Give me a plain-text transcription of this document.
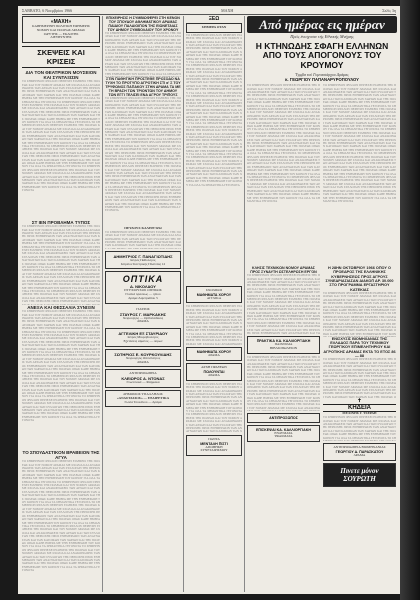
ΣΑΒΒΑΤΟ, 6 Νοεμβρίου 1966	ΜΑΧΗ	Σελίς 3η
«ΜΑΧΗ»
ΚΑΘΗΜΕΡΙΝΗ ΠΟΛΙΤΙΚΗ ΕΦΗΜΕΡΙΣ
ΝΟΜΟΥ ΚΑΙ ΠΟΛΕΩΣ ΔΡΑΜΑΣ
ΙΔΡΥΤΗΣ — ΕΚΔΟΤΗΣ
ΔΙΕΥΘΥΝΤΗΣ
ΣΚΕΨΕΙΣ ΚΑΙ ΚΡΙΣΕΙΣ
ΔΙΑ ΤΟΝ ΘΕΑΤΡΙΚΟΝ ΜΟΥΣΕΙΟΝ ΚΑΙ ΣΥΝΤΑΞΙΣΙΝ
ΤΟ ΣΗΜΕΡΙΝΟΝ ΦΥΛΛΟΝ ΠΕΡΙΕΧΕΙ ΕΙΔΗΣΕΙΣ ΤΗΣ ΠΟΛΕΩΣ ΚΑΙ ΤΟΥ ΝΟΜΟΥ ΔΡΑΜΑΣ ΜΕ ΣΧΟΛΙΑ ΚΑΙ ΑΝΑΚΟΙΝΩΣΕΙΣ ΤΩΝ ΑΡΧΩΝ ΚΑΙ ΤΩΝ ΣΥΛΛΟΓΩΝ ΤΗΣ ΠΕΡΙΟΧΗΣ ΠΡΟΣ ΕΝΗΜΕΡΩΣΙΝ ΤΩΝ ΑΝΑΓΝΩΣΤΩΝ ΚΑΙ ΤΩΝ ΚΑΤΟΙΚΩΝ ΤΩΝ ΧΩΡΙΩΝ ΚΑΙ ΤΗΣ ΠΟΛΕΩΣ ΟΠΩΣ ΚΑΘΕ ΗΜΕΡΑ ΜΕ ΤΗΝ ΕΝΗΜΕΡΩΣΗ ΤΟΥ ΚΟΙΝΟΥ ΓΙΑ ΟΛΑ ΤΑ ΣΗΜΑΝΤΙΚΑ ΓΕΓΟΝΟΤΑ ΤΟ ΣΗΜΕΡΙΝΟΝ ΦΥΛΛΟΝ ΠΕΡΙΕΧΕΙ ΕΙΔΗΣΕΙΣ ΤΗΣ ΠΟΛΕΩΣ ΚΑΙ ΤΟΥ ΝΟΜΟΥ ΔΡΑΜΑΣ ΜΕ ΣΧΟΛΙΑ ΚΑΙ ΑΝΑΚΟΙΝΩΣΕΙΣ ΤΩΝ ΑΡΧΩΝ ΚΑΙ ΤΩΝ ΣΥΛΛΟΓΩΝ ΤΗΣ ΠΕΡΙΟΧΗΣ ΠΡΟΣ ΕΝΗΜΕΡΩΣΙΝ ΤΩΝ ΑΝΑΓΝΩΣΤΩΝ ΚΑΙ ΤΩΝ ΚΑΤΟΙΚΩΝ ΤΩΝ ΧΩΡΙΩΝ ΚΑΙ ΤΗΣ ΠΟΛΕΩΣ ΟΠΩΣ ΚΑΘΕ ΗΜΕΡΑ ΜΕ ΤΗΝ ΕΝΗΜΕΡΩΣΗ ΤΟΥ ΚΟΙΝΟΥ ΓΙΑ ΟΛΑ ΤΑ ΣΗΜΑΝΤΙΚΑ ΓΕΓΟΝΟΤΑ ΤΟ ΣΗΜΕΡΙΝΟΝ ΦΥΛΛΟΝ ΠΕΡΙΕΧΕΙ ΕΙΔΗΣΕΙΣ ΤΗΣ ΠΟΛΕΩΣ ΚΑΙ ΤΟΥ ΝΟΜΟΥ ΔΡΑΜΑΣ ΜΕ ΣΧΟΛΙΑ ΚΑΙ ΑΝΑΚΟΙΝΩΣΕΙΣ ΤΩΝ ΑΡΧΩΝ ΚΑΙ ΤΩΝ ΣΥΛΛΟΓΩΝ ΤΗΣ ΠΕΡΙΟΧΗΣ ΠΡΟΣ ΕΝΗΜΕΡΩΣΙΝ ΤΩΝ ΑΝΑΓΝΩΣΤΩΝ ΚΑΙ ΤΩΝ ΚΑΤΟΙΚΩΝ ΤΩΝ ΧΩΡΙΩΝ ΚΑΙ ΤΗΣ ΠΟΛΕΩΣ ΟΠΩΣ ΚΑΘΕ ΗΜΕΡΑ ΜΕ ΤΗΝ ΕΝΗΜΕΡΩΣΗ ΤΟΥ ΚΟΙΝΟΥ ΓΙΑ ΟΛΑ ΤΑ ΣΗΜΑΝΤΙΚΑ ΓΕΓΟΝΟΤΑ ΤΟ ΣΗΜΕΡΙΝΟΝ ΦΥΛΛΟΝ ΠΕΡΙΕΧΕΙ ΕΙΔΗΣΕΙΣ ΤΗΣ ΠΟΛΕΩΣ ΚΑΙ ΤΟΥ ΝΟΜΟΥ ΔΡΑΜΑΣ ΜΕ ΣΧΟΛΙΑ ΚΑΙ ΑΝΑΚΟΙΝΩΣΕΙΣ ΤΩΝ ΑΡΧΩΝ ΚΑΙ ΤΩΝ ΣΥΛΛΟΓΩΝ ΤΗΣ ΠΕΡΙΟΧΗΣ ΠΡΟΣ ΕΝΗΜΕΡΩΣΙΝ ΤΩΝ ΑΝΑΓΝΩΣΤΩΝ ΚΑΙ ΤΩΝ ΚΑΤΟΙΚΩΝ ΤΩΝ ΧΩΡΙΩΝ ΚΑΙ ΤΗΣ ΠΟΛΕΩΣ ΟΠΩΣ ΚΑΘΕ ΗΜΕΡΑ ΜΕ ΤΗΝ ΕΝΗΜΕΡΩΣΗ ΤΟΥ ΚΟΙΝΟΥ ΓΙΑ ΟΛΑ ΤΑ ΣΗΜΑΝΤΙΚΑ ΓΕΓΟΝΟΤΑ ΤΟ ΣΗΜΕΡΙΝΟΝ ΦΥΛΛΟΝ ΠΕΡΙΕΧΕΙ ΕΙΔΗΣΕΙΣ ΤΗΣ ΠΟΛΕΩΣ ΚΑΙ ΤΟΥ ΝΟΜΟΥ ΔΡΑΜΑΣ ΜΕ ΣΧΟΛΙΑ ΚΑΙ ΑΝΑΚΟΙΝΩΣΕΙΣ ΤΩΝ ΑΡΧΩΝ ΚΑΙ ΤΩΝ ΣΥΛΛΟΓΩΝ ΤΗΣ ΠΕΡΙΟΧΗΣ ΠΡΟΣ ΕΝΗΜΕΡΩΣΙΝ ΤΩΝ ΑΝΑΓΝΩΣΤΩΝ ΚΑΙ ΤΩΝ ΚΑΤΟΙΚΩΝ ΤΩΝ ΧΩΡΙΩΝ ΚΑΙ ΤΗΣ ΠΟΛΕΩΣ ΟΠΩΣ ΚΑΘΕ ΗΜΕΡΑ ΜΕ ΤΗΝ ΕΝΗΜΕΡΩΣΗ ΤΟΥ ΚΟΙΝΟΥ ΓΙΑ ΟΛΑ ΤΑ ΣΗΜΑΝΤΙΚΑ ΓΕΓΟΝΟΤΑ
ΣΤ ΙΕΝ ΠΡΟΒΛΗΜΑ ΤΥΠΟΣ
ΤΟ ΣΗΜΕΡΙΝΟΝ ΦΥΛΛΟΝ ΠΕΡΙΕΧΕΙ ΕΙΔΗΣΕΙΣ ΤΗΣ ΠΟΛΕΩΣ ΚΑΙ ΤΟΥ ΝΟΜΟΥ ΔΡΑΜΑΣ ΜΕ ΣΧΟΛΙΑ ΚΑΙ ΑΝΑΚΟΙΝΩΣΕΙΣ ΤΩΝ ΑΡΧΩΝ ΚΑΙ ΤΩΝ ΣΥΛΛΟΓΩΝ ΤΗΣ ΠΕΡΙΟΧΗΣ ΠΡΟΣ ΕΝΗΜΕΡΩΣΙΝ ΤΩΝ ΑΝΑΓΝΩΣΤΩΝ ΚΑΙ ΤΩΝ ΚΑΤΟΙΚΩΝ ΤΩΝ ΧΩΡΙΩΝ ΚΑΙ ΤΗΣ ΠΟΛΕΩΣ ΟΠΩΣ ΚΑΘΕ ΗΜΕΡΑ ΜΕ ΤΗΝ ΕΝΗΜΕΡΩΣΗ ΤΟΥ ΚΟΙΝΟΥ ΓΙΑ ΟΛΑ ΤΑ ΣΗΜΑΝΤΙΚΑ ΓΕΓΟΝΟΤΑ ΤΟ ΣΗΜΕΡΙΝΟΝ ΦΥΛΛΟΝ ΠΕΡΙΕΧΕΙ ΕΙΔΗΣΕΙΣ ΤΗΣ ΠΟΛΕΩΣ ΚΑΙ ΤΟΥ ΝΟΜΟΥ ΔΡΑΜΑΣ ΜΕ ΣΧΟΛΙΑ ΚΑΙ ΑΝΑΚΟΙΝΩΣΕΙΣ ΤΩΝ ΑΡΧΩΝ ΚΑΙ ΤΩΝ ΣΥΛΛΟΓΩΝ ΤΗΣ ΠΕΡΙΟΧΗΣ ΠΡΟΣ ΕΝΗΜΕΡΩΣΙΝ ΤΩΝ ΑΝΑΓΝΩΣΤΩΝ ΚΑΙ ΤΩΝ ΚΑΤΟΙΚΩΝ ΤΩΝ ΧΩΡΙΩΝ ΚΑΙ ΤΗΣ ΠΟΛΕΩΣ ΟΠΩΣ ΚΑΘΕ ΗΜΕΡΑ ΜΕ ΤΗΝ ΕΝΗΜΕΡΩΣΗ ΤΟΥ ΚΟΙΝΟΥ ΓΙΑ ΟΛΑ ΤΑ ΣΗΜΑΝΤΙΚΑ ΓΕΓΟΝΟΤΑ ΤΟ ΣΗΜΕΡΙΝΟΝ ΦΥΛΛΟΝ ΠΕΡΙΕΧΕΙ ΕΙΔΗΣΕΙΣ ΤΗΣ ΠΟΛΕΩΣ ΚΑΙ ΤΟΥ ΝΟΜΟΥ ΔΡΑΜΑΣ ΜΕ ΣΧΟΛΙΑ ΚΑΙ ΑΝΑΚΟΙΝΩΣΕΙΣ ΤΩΝ ΑΡΧΩΝ ΚΑΙ ΤΩΝ ΣΥΛΛΟΓΩΝ ΤΗΣ ΠΕΡΙΟΧΗΣ ΠΡΟΣ ΕΝΗΜΕΡΩΣΙΝ ΤΩΝ ΑΝΑΓΝΩΣΤΩΝ ΚΑΙ ΤΩΝ ΚΑΤΟΙΚΩΝ ΤΩΝ ΧΩΡΙΩΝ ΚΑΙ ΤΗΣ ΠΟΛΕΩΣ ΟΠΩΣ ΚΑΘΕ ΗΜΕΡΑ ΜΕ ΤΗΝ ΕΝΗΜΕΡΩΣΗ ΤΟΥ ΚΟΙΝΟΥ ΓΙΑ ΟΛΑ ΤΑ ΣΗΜΑΝΤΙΚΑ ΓΕΓΟΝΟΤΑ ΤΟ ΣΗΜΕΡΙΝΟΝ ΦΥΛΛΟΝ ΠΕΡΙΕΧΕΙ ΕΙΔΗΣΕΙΣ ΤΗΣ ΠΟΛΕΩΣ ΚΑΙ ΤΟΥ ΝΟΜΟΥ ΔΡΑΜΑΣ ΜΕ ΣΧΟΛΙΑ ΚΑΙ ΑΝΑΚΟΙΝΩΣΕΙΣ ΤΩΝ ΑΡΧΩΝ ΚΑΙ ΤΩΝ ΣΥΛΛΟΓΩΝ ΤΗΣ ΠΕΡΙΟΧΗΣ ΠΡΟΣ ΕΝΗΜΕΡΩΣΙΝ ΤΩΝ ΑΝΑΓΝΩΣΤΩΝ ΚΑΙ ΤΩΝ ΚΑΤΟΙΚΩΝ ΤΩΝ ΧΩΡΙΩΝ ΚΑΙ ΤΗΣ ΠΟΛΕ
ΑΝΕΞΑ ΚΑΙ ΘΕΣΣΑΛΙΑ ΣΥΝΙΞΙΝ
ΤΟ ΣΗΜΕΡΙΝΟΝ ΦΥΛΛΟΝ ΠΕΡΙΕΧΕΙ ΕΙΔΗΣΕΙΣ ΤΗΣ ΠΟΛΕΩΣ ΚΑΙ ΤΟΥ ΝΟΜΟΥ ΔΡΑΜΑΣ ΜΕ ΣΧΟΛΙΑ ΚΑΙ ΑΝΑΚΟΙΝΩΣΕΙΣ ΤΩΝ ΑΡΧΩΝ ΚΑΙ ΤΩΝ ΣΥΛΛΟΓΩΝ ΤΗΣ ΠΕΡΙΟΧΗΣ ΠΡΟΣ ΕΝΗΜΕΡΩΣΙΝ ΤΩΝ ΑΝΑΓΝΩΣΤΩΝ ΚΑΙ ΤΩΝ ΚΑΤΟΙΚΩΝ ΤΩΝ ΧΩΡΙΩΝ ΚΑΙ ΤΗΣ ΠΟΛΕΩΣ ΟΠΩΣ ΚΑΘΕ ΗΜΕΡΑ ΜΕ ΤΗΝ ΕΝΗΜΕΡΩΣΗ ΤΟΥ ΚΟΙΝΟΥ ΓΙΑ ΟΛΑ ΤΑ ΣΗΜΑΝΤΙΚΑ ΓΕΓΟΝΟΤΑ ΤΟ ΣΗΜΕΡΙΝΟΝ ΦΥΛΛΟΝ ΠΕΡΙΕΧΕΙ ΕΙΔΗΣΕΙΣ ΤΗΣ ΠΟΛΕΩΣ ΚΑΙ ΤΟΥ ΝΟΜΟΥ ΔΡΑΜΑΣ ΜΕ ΣΧΟΛΙΑ ΚΑΙ ΑΝΑΚΟΙΝΩΣΕΙΣ ΤΩΝ ΑΡΧΩΝ ΚΑΙ ΤΩΝ ΣΥΛΛΟΓΩΝ ΤΗΣ ΠΕΡΙΟΧΗΣ ΠΡΟΣ ΕΝΗΜΕΡΩΣΙΝ ΤΩΝ ΑΝΑΓΝΩΣΤΩΝ ΚΑΙ ΤΩΝ ΚΑΤΟΙΚΩΝ ΤΩΝ ΧΩΡΙΩΝ ΚΑΙ ΤΗΣ ΠΟΛΕΩΣ ΟΠΩΣ ΚΑΘΕ ΗΜΕΡΑ ΜΕ ΤΗΝ ΕΝΗΜΕΡΩΣΗ ΤΟΥ ΚΟΙΝΟΥ ΓΙΑ ΟΛΑ ΤΑ ΣΗΜΑΝΤΙΚΑ ΓΕΓΟΝΟΤΑ ΤΟ ΣΗΜΕΡΙΝΟΝ ΦΥΛΛΟΝ ΠΕΡΙΕΧΕΙ ΕΙΔΗΣΕΙΣ ΤΗΣ ΠΟΛΕΩΣ ΚΑΙ ΤΟΥ ΝΟΜΟΥ ΔΡΑΜΑΣ ΜΕ ΣΧΟΛΙΑ ΚΑΙ ΑΝΑΚΟΙΝΩΣΕΙΣ ΤΩΝ ΑΡΧΩΝ ΚΑΙ ΤΩΝ ΣΥΛΛΟΓΩΝ ΤΗΣ ΠΕΡΙΟΧΗΣ ΠΡΟΣ ΕΝΗΜΕΡΩΣΙΝ ΤΩΝ ΑΝΑΓΝΩΣΤΩΝ ΚΑΙ ΤΩΝ ΚΑΤΟΙΚΩΝ ΤΩΝ ΧΩΡΙΩΝ ΚΑΙ ΤΗΣ ΠΟΛΕΩΣ ΟΠΩΣ ΚΑΘΕ ΗΜΕΡΑ ΜΕ ΤΗΝ ΕΝΗΜΕΡΩΣΗ ΤΟΥ ΚΟΙΝΟΥ ΓΙΑ ΟΛΑ ΤΑ ΣΗΜΑΝΤΙΚΑ ΓΕΓΟΝΟΤΑ ΤΟ ΣΗΜΕΡΙΝΟΝ ΦΥΛΛΟΝ ΠΕΡΙΕΧΕΙ ΕΙΔΗΣΕΙΣ ΤΗΣ ΠΟΛΕΩΣ ΚΑΙ ΤΟΥ ΝΟΜΟΥ ΔΡΑΜΑΣ ΜΕ ΣΧΟΛΙΑ ΚΑΙ ΑΝΑΚΟΙΝΩΣΕΙΣ ΤΩΝ ΑΡΧΩΝ ΚΑΙ ΤΩΝ ΣΥΛΛΟΓΩΝ ΤΗΣ ΠΕΡΙΟΧΗΣ ΠΡΟΣ ΕΝΗΜΕΡΩΣΙΝ ΤΩΝ ΑΝΑΓΝΩΣΤΩΝ ΚΑΙ ΤΩΝ ΚΑΤΟΙΚΩΝ ΤΩΝ ΧΩΡΙΩΝ ΚΑΙ ΤΗΣ ΠΟΛΕΩΣ ΟΠΩΣ ΚΑΘΕ ΗΜΕΡΑ ΜΕ ΤΗΝ ΕΝΗΜΕΡΩΣΗ ΤΟΥ ΚΟΙΝΟΥ ΓΙΑ ΟΛΑ ΤΑ ΣΗΜΑΝΤΙΚΑ ΓΕΓΟΝΟΤΑ ΤΟ ΣΗΜΕΡΙΝΟΝ ΦΥΛΛΟΝ ΠΕΡΙΕΧΕΙ ΕΙΔΗΣΕΙΣ ΤΗΣ ΠΟΛΕΩΣ ΚΑΙ ΤΟΥ ΝΟΜΟΥ ΔΡΑΜΑΣ ΜΕ ΣΧΟΛΙΑ ΚΑΙ ΑΝΑΚΟΙΝΩΣΕΙΣ ΤΩΝ ΑΡΧΩΝ ΚΑΙ ΤΩΝ ΣΥΛΛΟΓΩΝ ΤΗΣ ΠΕΡΙΟΧΗΣ ΠΡΟΣ ΕΝΗΜΕΡΩΣΙΝ ΤΩΝ ΑΝΑΓΝΩΣΤΩΝ ΚΑΙ ΤΩΝ ΚΑΤΟΙΚΩΝ ΤΩΝ ΧΩΡΙΩΝ ΚΑΙ ΤΗΣ ΠΟΛΕΩΣ ΟΠΩΣ ΚΑΘΕ ΗΜΕΡΑ ΜΕ ΤΗΝ ΕΝΗΜΕΡΩΣΗ ΤΟΥ ΚΟΙΝΟΥ ΓΙΑ ΟΛΑ ΤΑ ΣΗΜΑΝΤΙΚΑ ΓΕΓΟΝΟΤΑ
ΤΟ ΣΠΟΥΔΑΣΤΙΚΟΝ ΒΡΑΒΕΙΟΝ ΤΗΣ ΑΓΥΑ
ΤΟ ΣΗΜΕΡΙΝΟΝ ΦΥΛΛΟΝ ΠΕΡΙΕΧΕΙ ΕΙΔΗΣΕΙΣ ΤΗΣ ΠΟΛΕΩΣ ΚΑΙ ΤΟΥ ΝΟΜΟΥ ΔΡΑΜΑΣ ΜΕ ΣΧΟΛΙΑ ΚΑΙ ΑΝΑΚΟΙΝΩΣΕΙΣ ΤΩΝ ΑΡΧΩΝ ΚΑΙ ΤΩΝ ΣΥΛΛΟΓΩΝ ΤΗΣ ΠΕΡΙΟΧΗΣ ΠΡΟΣ ΕΝΗΜΕΡΩΣΙΝ ΤΩΝ ΑΝΑΓΝΩΣΤΩΝ ΚΑΙ ΤΩΝ ΚΑΤΟΙΚΩΝ ΤΩΝ ΧΩΡΙΩΝ ΚΑΙ ΤΗΣ ΠΟΛΕΩΣ ΟΠΩΣ ΚΑΘΕ ΗΜΕΡΑ ΜΕ ΤΗΝ ΕΝΗΜΕΡΩΣΗ ΤΟΥ ΚΟΙΝΟΥ ΓΙΑ ΟΛΑ ΤΑ ΣΗΜΑΝΤΙΚΑ ΓΕΓΟΝΟΤΑ ΤΟ ΣΗΜΕΡΙΝΟΝ ΦΥΛΛΟΝ ΠΕΡΙΕΧΕΙ ΕΙΔΗΣΕΙΣ ΤΗΣ ΠΟΛΕΩΣ ΚΑΙ ΤΟΥ ΝΟΜΟΥ ΔΡΑΜΑΣ ΜΕ ΣΧΟΛΙΑ ΚΑΙ ΑΝΑΚΟΙΝΩΣΕΙΣ ΤΩΝ ΑΡΧΩΝ ΚΑΙ ΤΩΝ ΣΥΛΛΟΓΩΝ ΤΗΣ ΠΕΡΙΟΧΗΣ ΠΡΟΣ ΕΝΗΜΕΡΩΣΙΝ ΤΩΝ ΑΝΑΓΝΩΣΤΩΝ ΚΑΙ ΤΩΝ ΚΑΤΟΙΚΩΝ ΤΩΝ ΧΩΡΙΩΝ ΚΑΙ ΤΗΣ ΠΟΛΕΩΣ ΟΠΩΣ ΚΑΘΕ ΗΜΕΡΑ ΜΕ ΤΗΝ ΕΝΗΜΕΡΩΣΗ ΤΟΥ ΚΟΙΝΟΥ ΓΙΑ ΟΛΑ ΤΑ ΣΗΜΑΝΤΙΚΑ ΓΕΓΟΝΟΤΑ ΤΟ ΣΗΜΕΡΙΝΟΝ ΦΥΛΛΟΝ ΠΕΡΙΕΧΕΙ ΕΙΔΗΣΕΙΣ ΤΗΣ ΠΟΛΕΩΣ ΚΑΙ ΤΟΥ ΝΟΜΟΥ ΔΡΑΜΑΣ ΜΕ ΣΧΟΛΙΑ ΚΑΙ ΑΝΑΚΟΙΝΩΣΕΙΣ ΤΩΝ ΑΡΧΩΝ ΚΑΙ ΤΩΝ ΣΥΛΛΟΓΩΝ ΤΗΣ ΠΕΡΙΟΧΗΣ ΠΡΟΣ ΕΝΗΜΕΡΩΣΙΝ ΤΩΝ ΑΝΑΓΝΩΣΤΩΝ ΚΑΙ ΤΩΝ ΚΑΤΟΙΚΩΝ ΤΩΝ ΧΩΡΙΩΝ ΚΑΙ ΤΗΣ ΠΟΛΕΩΣ ΟΠΩΣ ΚΑΘΕ ΗΜΕΡΑ ΜΕ ΤΗΝ ΕΝΗΜΕΡΩΣΗ ΤΟΥ ΚΟΙΝΟΥ ΓΙΑ ΟΛΑ ΤΑ ΣΗΜΑΝΤΙΚΑ ΓΕΓΟΝΟΤΑ ΤΟ ΣΗΜΕΡΙΝΟΝ ΦΥΛΛΟΝ ΠΕΡΙΕΧΕΙ ΕΙΔΗΣΕΙΣ ΤΗΣ ΠΟΛΕΩΣ ΚΑΙ ΤΟΥ ΝΟΜΟΥ ΔΡΑΜΑΣ ΜΕ ΣΧΟΛΙΑ ΚΑΙ ΑΝΑΚΟΙΝΩΣΕΙΣ ΤΩΝ ΑΡΧΩΝ ΚΑΙ ΤΩΝ ΣΥΛΛΟΓΩΝ ΤΗΣ ΠΕΡΙΟΧΗΣ ΠΡΟΣ ΕΝΗΜΕΡΩΣΙΝ ΤΩΝ ΑΝΑΓΝΩΣΤΩΝ ΚΑΙ ΤΩΝ ΚΑΤΟΙΚΩΝ ΤΩΝ ΧΩΡΙΩΝ ΚΑΙ ΤΗΣ ΠΟΛΕΩΣ ΟΠΩΣ ΚΑΘΕ ΗΜΕΡΑ ΜΕ ΤΗΝ ΕΝΗΜΕΡΩΣΗ ΤΟΥ ΚΟΙΝΟΥ ΓΙΑ ΟΛΑ ΤΑ ΣΗΜΑΝΤΙΚΑ ΓΕΓΟΝΟΤΑ ΤΟ ΣΗΜΕΡΙΝΟΝ ΦΥΛΛΟΝ ΠΕΡΙΕΧΕΙ ΕΙΔΗΣΕΙΣ ΤΗΣ ΠΟΛΕΩΣ ΚΑΙ ΤΟΥ ΝΟΜΟΥ ΔΡΑΜΑΣ ΜΕ ΣΧΟΛΙΑ ΚΑΙ ΑΝΑΚΟΙΝΩΣΕΙΣ ΤΩΝ ΑΡΧΩΝ ΚΑΙ ΤΩΝ ΣΥΛΛΟΓΩΝ ΤΗΣ ΠΕΡΙΟΧΗΣ ΠΡΟΣ ΕΝΗΜΕΡΩΣΙΝ ΤΩΝ ΑΝΑΓΝΩΣΤΩΝ ΚΑΙ ΤΩΝ ΚΑΤΟΙΚΩΝ ΤΩΝ ΧΩΡΙΩΝ ΚΑΙ ΤΗΣ ΠΟΛΕΩΣ ΟΠΩΣ ΚΑΘΕ ΗΜΕΡΑ ΜΕ ΤΗΝ ΕΝΗΜΕΡΩΣΗ ΤΟΥ ΚΟΙΝΟΥ ΓΙΑ ΟΛΑ ΤΑ ΣΗΜΑΝΤΙΚΑ ΓΕΓΟΝΟΤΑ
ΕΠΙΧΕΙΡΗΣΙΣ Η ΣΥΜΒΙΩΦΕΡΕΙ ΣΤΗ ΚΕΝΟΝ ΤΟΥ ΣΠΟΥΔΟΥ ΑΘΛΗΜΑΤΙΚΟΥ ΔΡΑΜΑΣ ΠΑΙΔΙΟΥ ΠΑΛΑΙΟΙΠΟΝ ΤΗΣ ΕΙΩΝΕΤΑΙΑΣ ΤΟΥ ΔΗΜΟΥ ΣΥΜΒΟΛΑΙΟΥ ΤΟΥ ΧΡΟΝΟΥ
ΤΟ ΣΗΜΕΡΙΝΟΝ ΦΥΛΛΟΝ ΠΕΡΙΕΧΕΙ ΕΙΔΗΣΕΙΣ ΤΗΣ ΠΟΛΕΩΣ ΚΑΙ ΤΟΥ ΝΟΜΟΥ ΔΡΑΜΑΣ ΜΕ ΣΧΟΛΙΑ ΚΑΙ ΑΝΑΚΟΙΝΩΣΕΙΣ ΤΩΝ ΑΡΧΩΝ ΚΑΙ ΤΩΝ ΣΥΛΛΟΓΩΝ ΤΗΣ ΠΕΡΙΟΧΗΣ ΠΡΟΣ ΕΝΗΜΕΡΩΣΙΝ ΤΩΝ ΑΝΑΓΝΩΣΤΩΝ ΚΑΙ ΤΩΝ ΚΑΤΟΙΚΩΝ ΤΩΝ ΧΩΡΙΩΝ ΚΑΙ ΤΗΣ ΠΟΛΕΩΣ ΟΠΩΣ ΚΑΘΕ ΗΜΕΡΑ ΜΕ ΤΗΝ ΕΝΗΜΕΡΩΣΗ ΤΟΥ ΚΟΙΝΟΥ ΓΙΑ ΟΛΑ ΤΑ ΣΗΜΑΝΤΙΚΑ ΓΕΓΟΝΟΤΑ ΤΟ ΣΗΜΕΡΙΝΟΝ ΦΥΛΛΟΝ ΠΕΡΙΕΧΕΙ ΕΙΔΗΣΕΙΣ ΤΗΣ ΠΟΛΕΩΣ ΚΑΙ ΤΟΥ ΝΟΜΟΥ ΔΡΑΜΑΣ ΜΕ ΣΧΟΛΙΑ ΚΑΙ ΑΝΑΚΟΙΝΩΣΕΙΣ ΤΩΝ ΑΡΧΩΝ ΚΑΙ ΤΩΝ ΣΥΛΛΟΓΩΝ ΤΗΣ ΠΕΡΙΟΧΗΣ ΠΡΟΣ ΕΝΗΜΕΡΩΣΙΝ ΤΩΝ ΑΝΑΓΝΩΣΤΩΝ ΚΑΙ ΤΩΝ ΚΑΤΟΙΚΩΝ ΤΩΝ ΧΩΡΙΩΝ ΚΑΙ ΤΗΣ ΠΟΛΕΩΣ ΟΠΩΣ ΚΑΘΕ ΗΜΕΡΑ ΜΕ ΤΗΝ ΕΝΗΜΕΡΩΣΗ ΤΟΥ ΚΟΙΝΟΥ ΓΙΑ ΟΛΑ ΤΑ ΣΗΜΑΝΤΙ
ΣΤΙΝ ΠΑΘΗΤΙΚΗ ΠΡΟΣΤΕΘΕ ΠΡΟΣΟΔΟ ΝΑ ΤΥΧΗ ΤΟ ΠΡΟΤΥΠΟ ΑΓΡΟΤΙΚΗ ΣΤΙ α' Σ ΤΟΥ ΤΡΥΦΩΝΟΣ ΠΑΠΑΚΟΥ ΣΤΗΝ ΔΡΑΜΑ ΤΑ ΜΕ ΤΗ ΒΡΑΣΗ ΤΩΝ ΤΡΙΟΝΤΩΝ ΤΟΥ ΔΗΜΟΥ
ΤΩΝ ΕΓΓΙ ΤΕΛΙΣΕΙ ΕΝΑ ΑΓΡΟΥ ΤΡΙΠΟΥΣ
ΤΟ ΣΗΜΕΡΙΝΟΝ ΦΥΛΛΟΝ ΠΕΡΙΕΧΕΙ ΕΙΔΗΣΕΙΣ ΤΗΣ ΠΟΛΕΩΣ ΚΑΙ ΤΟΥ ΝΟΜΟΥ ΔΡΑΜΑΣ ΜΕ ΣΧΟΛΙΑ ΚΑΙ ΑΝΑΚΟΙΝΩΣΕΙΣ ΤΩΝ ΑΡΧΩΝ ΚΑΙ ΤΩΝ ΣΥΛΛΟΓΩΝ ΤΗΣ ΠΕΡΙΟΧΗΣ ΠΡΟΣ ΕΝΗΜΕΡΩΣΙΝ ΤΩΝ ΑΝΑΓΝΩΣΤΩΝ ΚΑΙ ΤΩΝ ΚΑΤΟΙΚΩΝ ΤΩΝ ΧΩΡΙΩΝ ΚΑΙ ΤΗΣ ΠΟΛΕΩΣ ΟΠΩΣ ΚΑΘΕ ΗΜΕΡΑ ΜΕ ΤΗΝ ΕΝΗΜΕΡΩΣΗ ΤΟΥ ΚΟΙΝΟΥ ΓΙΑ ΟΛΑ ΤΑ ΣΗΜΑΝΤΙΚΑ ΓΕΓΟΝΟΤΑ ΤΟ ΣΗΜΕΡΙΝΟΝ ΦΥΛΛΟΝ ΠΕΡΙΕΧΕΙ ΕΙΔΗΣΕΙΣ ΤΗΣ ΠΟΛΕΩΣ ΚΑΙ ΤΟΥ ΝΟΜΟΥ ΔΡΑΜΑΣ ΜΕ ΣΧΟΛΙΑ ΚΑΙ ΑΝΑΚΟΙΝΩΣΕΙΣ ΤΩΝ ΑΡΧΩΝ ΚΑΙ ΤΩΝ ΣΥΛΛΟΓΩΝ ΤΗΣ ΠΕΡΙΟΧΗΣ ΠΡΟΣ ΕΝΗΜΕΡΩΣΙΝ ΤΩΝ ΑΝΑΓΝΩΣΤΩΝ ΚΑΙ ΤΩΝ ΚΑΤΟΙΚΩΝ ΤΩΝ ΧΩΡΙΩΝ ΚΑΙ ΤΗΣ ΠΟΛΕΩΣ ΟΠΩΣ ΚΑΘΕ ΗΜΕΡΑ ΜΕ ΤΗΝ ΕΝΗΜΕΡΩΣΗ ΤΟΥ ΚΟΙΝΟΥ ΓΙΑ ΟΛΑ ΤΑ ΣΗΜΑΝΤΙΚΑ ΓΕΓΟΝΟΤΑ ΤΟ ΣΗΜΕΡΙΝΟΝ ΦΥΛΛΟΝ ΠΕΡΙΕΧΕΙ ΕΙΔΗΣΕΙΣ ΤΗΣ ΠΟΛΕΩΣ ΚΑΙ ΤΟΥ ΝΟΜΟΥ ΔΡΑΜΑΣ ΜΕ ΣΧΟΛΙΑ ΚΑΙ ΑΝΑΚΟΙΝΩΣΕΙΣ ΤΩΝ ΑΡΧΩΝ ΚΑΙ ΤΩΝ ΣΥΛΛΟΓΩΝ ΤΗΣ ΠΕΡΙΟΧΗΣ ΠΡΟΣ ΕΝΗΜΕΡΩΣΙΝ ΤΩΝ ΑΝΑΓΝΩΣΤΩΝ ΚΑΙ ΤΩΝ ΚΑΤΟΙΚΩΝ ΤΩΝ ΧΩΡΙΩΝ ΚΑΙ ΤΗΣ ΠΟΛΕΩΣ ΟΠΩΣ ΚΑΘΕ ΗΜΕΡΑ ΜΕ ΤΗΝ ΕΝΗΜΕΡΩΣΗ ΤΟΥ ΚΟΙΝΟΥ ΓΙΑ ΟΛΑ ΤΑ ΣΗΜΑΝΤΙΚΑ ΓΕΓΟΝΟΤΑ ΤΟ ΣΗΜΕΡΙΝΟΝ ΦΥΛΛΟΝ ΠΕΡΙΕΧΕΙ ΕΙΔΗΣΕΙΣ ΤΗΣ ΠΟΛΕΩΣ ΚΑΙ ΤΟΥ ΝΟΜΟΥ ΔΡΑΜΑΣ ΜΕ ΣΧΟΛΙΑ ΚΑΙ ΑΝΑΚΟΙΝΩΣΕΙΣ ΤΩΝ ΑΡΧΩΝ ΚΑΙ ΤΩΝ ΣΥΛΛΟΓΩΝ ΤΗΣ ΠΕΡΙΟΧΗΣ ΠΡΟΣ ΕΝΗΜΕΡΩΣΙΝ ΤΩΝ ΑΝΑΓΝΩΣΤΩΝ ΚΑΙ ΤΩΝ ΚΑΤΟΙΚΩΝ ΤΩΝ ΧΩΡΙΩΝ ΚΑΙ ΤΗΣ ΠΟΛΕΩΣ ΟΠΩΣ ΚΑΘΕ ΗΜΕΡΑ ΜΕ ΤΗΝ ΕΝΗΜΕΡΩΣΗ ΤΟΥ ΚΟΙΝΟΥ ΓΙΑ ΟΛΑ ΤΑ ΣΗΜΑΝΤΙΚΑ ΓΕΓΟΝΟΤΑ ΤΟ ΣΗΜΕΡΙΝΟΝ ΦΥΛΛΟΝ ΠΕΡΙΕΧΕΙ ΕΙΔΗΣΕΙΣ ΤΗΣ ΠΟΛΕΩΣ ΚΑΙ ΤΟΥ ΝΟΜΟΥ ΔΡΑΜΑΣ ΜΕ ΣΧΟΛΙΑ ΚΑΙ ΑΝΑΚΟΙΝΩΣΕΙΣ ΤΩΝ ΑΡΧΩΝ ΚΑΙ ΤΩΝ ΣΥΛΛΟΓΩΝ ΤΗΣ ΠΕΡΙΟΧΗΣ ΠΡΟΣ ΕΝΗΜΕΡΩΣΙΝ ΤΩΝ ΑΝΑΓΝΩΣΤΩΝ ΚΑΙ ΤΩΝ ΚΑΤΟΙΚΩΝ ΤΩΝ ΧΩΡΙΩΝ ΚΑΙ ΤΗΣ ΠΟΛΕΩΣ ΟΠΩΣ ΚΑΘΕ ΗΜΕΡΑ ΜΕ ΤΗΝ ΕΝΗΜΕΡΩΣΗ ΤΟΥ ΚΟΙΝΟΥ ΓΙΑ ΟΛΑ ΤΑ ΣΗΜΑΝΤΙΚΑ ΓΕΓΟΝΟΤΑ
ΠΕΥΛΟΥΣ ΚΑΛΕΡΓΙΖΩ
ΤΟ ΣΗΜΕΡΙΝΟΝ ΦΥΛΛΟΝ ΠΕΡΙΕΧΕΙ ΕΙΔΗΣΕΙΣ ΤΗΣ ΠΟΛΕΩΣ ΚΑΙ ΤΟΥ ΝΟΜΟΥ ΔΡΑΜΑΣ ΜΕ ΣΧΟΛΙΑ ΚΑΙ ΑΝΑΚΟΙΝΩΣΕΙΣ ΤΩΝ ΑΡΧΩΝ ΚΑΙ ΤΩΝ ΣΥΛΛΟΓΩΝ ΤΗΣ ΠΕΡΙΟΧΗΣ ΠΡΟΣ ΕΝΗΜΕΡΩΣΙΝ ΤΩΝ ΑΝΑΓΝΩΣΤΩΝ ΚΑΙ ΤΩΝ ΚΑΤΟΙΚΩΝ ΤΩΝ ΧΩΡΙΩΝ ΚΑΙ ΤΗΣ ΠΟΛΕΩΣ ΟΠΩ
ΔΗΜΗΤΡΙΟΣ Γ. ΠΑΝΑΓΙΩΤΙΔΗΣ
Ιατρός Παθολόγος
Ιατρείον Κεντρικής Πλατείας 12
ΟΠΤΙΚΑ
Δ. ΝΙΚΟΛΑΟΥ
ΠΤΥΧΙΟΥΧΟΣ ΟΠΤΙΚΟΣ
Γυαλιά όρασεως — ηλίου
Δράμα Λαμπριάδου 5
ΓΙΑΤΡΟΣ
ΣΤΑΥΡΟΣ Γ. ΜΑΡΚΑΚΗΣ
Χειρουργός — Ορθοπαιδικός
ΔΡΑΜΑ
ΑΓΓΕΛΙΚΗ ΕΞ ΣΤΑΥΡΙΔΟΥ
Ιατρός Μικροβιολόγος
Εξετάσεις αίματος — ούρων
ΣΩΤΗΡΙΟΣ Ε. ΚΟΥΡΚΟΥΛΙΔΗΣ
Χειρουργός Οδοντίατρος
ΔΡΑΜΑ
ΑΝΤΙΠΡΟΣΩΠΕΙΑ
ΚΛΕΙΩΡΟΣ Α. ΝΤΟΝΑΣ
Γεωπονικά — Φάρμακα
ΔΗΜΟΣΙΟΣ ΥΠΑΛΛΗΛΟΣ
«ΑΝΑΣΤΑΣΙΟΣ» — ΕΞΑΙΡΕΤΙΚΑ
Γωνία Τσοκάνου — Δράμα
ΞΕΩ
ΣΗΜΕΡΑ ΟΤΑΝ
ΤΟ ΣΗΜΕΡΙΝΟΝ ΦΥΛΛΟΝ ΠΕΡΙΕΧΕΙ ΕΙΔΗΣΕΙΣ ΤΗΣ ΠΟΛΕΩΣ ΚΑΙ ΤΟΥ ΝΟΜΟΥ ΔΡΑΜΑΣ ΜΕ ΣΧΟΛΙΑ ΚΑΙ ΑΝΑΚΟΙΝΩΣΕΙΣ ΤΩΝ ΑΡΧΩΝ ΚΑΙ ΤΩΝ ΣΥΛΛΟΓΩΝ ΤΗΣ ΠΕΡΙΟΧΗΣ ΠΡΟΣ ΕΝΗΜΕΡΩΣΙΝ ΤΩΝ ΑΝΑΓΝΩΣΤΩΝ ΚΑΙ ΤΩΝ ΚΑΤΟΙΚΩΝ ΤΩΝ ΧΩΡΙΩΝ ΚΑΙ ΤΗΣ ΠΟΛΕΩΣ ΟΠΩΣ ΚΑΘΕ ΗΜΕΡΑ ΜΕ ΤΗΝ ΕΝΗΜΕΡΩΣΗ ΤΟΥ ΚΟΙΝΟΥ ΓΙΑ ΟΛΑ ΤΑ ΣΗΜΑΝΤΙΚΑ ΓΕΓΟΝΟΤΑ ΤΟ ΣΗΜΕΡΙΝΟΝ ΦΥΛΛΟΝ ΠΕΡΙΕΧΕΙ ΕΙΔΗΣΕΙΣ ΤΗΣ ΠΟΛΕΩΣ ΚΑΙ ΤΟΥ ΝΟΜΟΥ ΔΡΑΜΑΣ ΜΕ ΣΧΟΛΙΑ ΚΑΙ ΑΝΑΚΟΙΝΩΣΕΙΣ ΤΩΝ ΑΡΧΩΝ ΚΑΙ ΤΩΝ ΣΥΛΛΟΓΩΝ ΤΗΣ ΠΕΡΙΟΧΗΣ ΠΡΟΣ ΕΝΗΜΕΡΩΣΙΝ ΤΩΝ ΑΝΑΓΝΩΣΤΩΝ ΚΑΙ ΤΩΝ ΚΑΤΟΙΚΩΝ ΤΩΝ ΧΩΡΙΩΝ ΚΑΙ ΤΗΣ ΠΟΛΕΩΣ ΟΠΩΣ ΚΑΘΕ ΗΜΕΡΑ ΜΕ ΤΗΝ ΕΝΗΜΕΡΩΣΗ ΤΟΥ ΚΟΙΝΟΥ ΓΙΑ ΟΛΑ ΤΑ ΣΗΜΑΝΤΙΚΑ ΓΕΓΟΝΟΤΑ ΤΟ ΣΗΜΕΡΙΝΟΝ ΦΥΛΛΟΝ ΠΕΡΙΕΧΕΙ ΕΙΔΗΣΕΙΣ ΤΗΣ ΠΟΛΕΩΣ ΚΑΙ ΤΟΥ ΝΟΜΟΥ ΔΡΑΜΑΣ ΜΕ ΣΧΟΛΙΑ ΚΑΙ ΑΝΑΚΟΙΝΩΣΕΙΣ ΤΩΝ ΑΡΧΩΝ ΚΑΙ ΤΩΝ ΣΥΛΛΟΓΩΝ ΤΗΣ ΠΕΡΙΟΧΗΣ ΠΡΟΣ ΕΝΗΜΕΡΩΣΙΝ ΤΩΝ ΑΝΑΓΝΩΣΤΩΝ ΚΑΙ ΤΩΝ ΚΑΤΟΙΚΩΝ ΤΩΝ ΧΩΡΙΩΝ ΚΑΙ ΤΗΣ ΠΟΛΕΩΣ ΟΠΩΣ ΚΑΘΕ ΗΜΕΡΑ ΜΕ ΤΗΝ ΕΝΗΜΕΡΩΣΗ ΤΟΥ ΚΟΙΝΟΥ ΓΙΑ ΟΛΑ ΤΑ ΣΗΜΑΝΤΙΚΑ ΓΕΓΟΝΟΤΑ ΤΟ ΣΗΜΕΡΙΝΟΝ ΦΥΛΛΟΝ ΠΕΡΙΕΧΕΙ ΕΙΔΗΣΕΙΣ ΤΗΣ ΠΟΛΕΩΣ ΚΑΙ ΤΟΥ ΝΟΜΟΥ ΔΡΑΜΑΣ ΜΕ ΣΧΟΛΙΑ ΚΑΙ ΑΝΑΚΟΙΝΩΣΕΙΣ ΤΩΝ ΑΡΧΩΝ ΚΑΙ ΤΩΝ ΣΥΛΛΟΓΩΝ ΤΗΣ ΠΕΡΙΟΧΗΣ ΠΡΟΣ ΕΝΗΜΕΡΩΣΙΝ ΤΩΝ ΑΝΑΓΝΩΣΤΩΝ ΚΑΙ ΤΩΝ ΚΑΤΟΙΚΩΝ ΤΩΝ ΧΩΡΙΩΝ ΚΑΙ ΤΗΣ ΠΟΛΕΩΣ ΟΠΩΣ ΚΑΘΕ ΗΜΕΡΑ ΜΕ ΤΗΝ ΕΝΗΜΕΡΩΣΗ ΤΟΥ ΚΟΙΝΟΥ ΓΙΑ ΟΛΑ ΤΑ ΣΗΜΑΝΤΙΚΑ ΓΕΓΟΝΟΤΑ ΤΟ ΣΗΜΕΡΙΝΟΝ ΦΥΛΛΟΝ ΠΕΡΙΕΧΕΙ ΕΙΔΗΣΕΙΣ ΤΗΣ ΠΟΛΕΩΣ ΚΑΙ ΤΟΥ ΝΟΜΟΥ ΔΡΑΜΑΣ ΜΕ ΣΧΟΛΙΑ ΚΑΙ ΑΝΑΚΟΙΝΩΣΕΙΣ ΤΩΝ ΑΡΧΩΝ ΚΑΙ ΤΩΝ ΣΥΛΛΟΓΩΝ ΤΗΣ ΠΕΡΙΟΧΗΣ ΠΡΟΣ ΕΝΗΜΕΡΩΣΙΝ ΤΩΝ ΑΝΑΓΝΩΣΤΩΝ ΚΑΙ ΤΩΝ ΚΑΤΟΙΚΩΝ ΤΩΝ ΧΩΡΙΩΝ ΚΑΙ ΤΗΣ ΠΟΛΕΩΣ ΟΠΩΣ ΚΑΘΕ ΗΜΕΡΑ ΜΕ ΤΗΝ ΕΝΗΜΕΡΩΣΗ ΤΟΥ ΚΟΙΝΟΥ ΓΙΑ ΟΛΑ ΤΑ ΣΗΜΑΝΤΙΚΑ ΓΕΓΟΝΟΤΑ
ΣΧΟΛΙΚΟΙ
ΜΑΘΗΜΑΤΑ ΧΟΡΟΥ
ΑΓΓΛΙΚΑ
ΤΟ ΣΗΜΕΡΙΝΟΝ ΦΥΛΛΟΝ ΠΕΡΙΕΧΕΙ ΕΙΔΗΣΕΙΣ ΤΗΣ ΠΟΛΕΩΣ ΚΑΙ ΤΟΥ ΝΟΜΟΥ ΔΡΑΜΑΣ ΜΕ ΣΧΟΛΙΑ ΚΑΙ ΑΝΑΚΟΙΝΩΣΕΙΣ ΤΩΝ ΑΡΧΩΝ ΚΑΙ ΤΩΝ ΣΥΛΛΟΓΩΝ ΤΗΣ ΠΕΡΙΟΧΗΣ ΠΡΟΣ ΕΝΗΜΕΡΩΣΙΝ ΤΩΝ ΑΝΑΓΝΩΣΤΩΝ ΚΑΙ ΤΩΝ ΚΑΤΟΙΚΩΝ ΤΩΝ ΧΩΡΙΩΝ ΚΑΙ ΤΗΣ ΠΟΛΕΩΣ ΟΠΩΣ ΚΑΘΕ ΗΜΕΡΑ ΜΕ ΤΗΝ ΕΝΗΜΕΡΩΣΗ ΤΟΥ ΚΟΙΝΟΥ ΓΙΑ ΟΛΑ ΤΑ ΣΗΜΑΝΤΙΚΑ ΓΕΓΟΝΟΤΑ ΤΟ ΣΗΜΕΡΙΝΟΝ ΦΥΛΛΟΝ ΠΕΡΙΕΧΕΙ ΕΙΔΗΣΕΙΣ ΤΗΣ ΠΟΛΕΩΣ ΚΑΙ ΤΟΥ ΝΟΜΟΥ ΔΡΑΜΑΣ ΜΕ ΣΧΟΛΙΑ ΚΑΙ ΑΝΑΚΟΙΝΩΣΕΙ
ΜΑΘΗΜΑΤΑ ΧΟΡΟΥ
ΔΡΑΜΑ
ΑΡΧΗ ΠΡΑΞΕΩΝ
ΠΩΛΟΥΝΤΑΙ
ΔΡΑΜΑ
ΤΟ ΣΗΜΕΡΙΝΟΝ ΦΥΛΛΟΝ ΠΕΡΙΕΧΕΙ ΕΙΔΗΣΕΙΣ ΤΗΣ ΠΟΛΕΩΣ ΚΑΙ ΤΟΥ ΝΟΜΟΥ ΔΡΑΜΑΣ ΜΕ ΣΧΟΛΙΑ ΚΑΙ ΑΝΑΚΟΙΝΩΣΕΙΣ ΤΩΝ ΑΡΧΩΝ ΚΑΙ ΤΩΝ ΣΥΛΛΟΓΩΝ ΤΗΣ ΠΕΡΙΟΧΗΣ ΠΡΟΣ ΕΝΗΜΕΡΩΣΙΝ ΤΩΝ ΑΝΑΓΝΩΣΤΩΝ ΚΑΙ ΤΩΝ ΚΑΤΟΙΚΩΝ ΤΩΝ ΧΩΡΙΩΝ ΚΑΙ ΤΗΣ ΠΟΛΕΩΣ ΟΠΩΣ ΚΑΘΕ ΗΜΕΡΑ ΜΕ ΤΗΝ ΕΝΗΜΕΡΩΣΗ ΤΟΥ ΚΟΙΝΟΥ ΓΙΑ ΟΛΑ ΤΑ ΣΗΜΑΝΤΙΚΑ ΓΕΓΟΝΟΤΑ ΤΟ ΣΗΜΕΡΙΝΟΝ ΦΥΛΛΟΝ ΠΕΡΙΕΧΕΙ ΕΙΔΗΣΕΙΣ ΤΗΣ ΠΟΛΕΩΣ ΚΑΙ ΤΟΥ ΝΟΜΟΥ ΔΡΑΜΑΣ ΜΕ ΣΧΟΛΙΑ ΚΑΙ ΑΝΑΚΟΙΝΩΣΕΙΣ ΤΩΝ ΑΡΧΩΝ ΚΑΙ ΤΩΝ ΣΥΛΛΟΓΩΝ ΤΗΣ ΠΕΡΙΟΧΗΣ ΠΡΟΣ ΕΝΗΜΕΡΩΣΙΝ ΤΩΝ ΑΝΑΓΝΩΣΤΩΝ ΚΑΙ ΤΩΝ ΚΑΤΟΙΚΩΝ ΤΩΝ Χ
ΠΑΝΤΑ
ΜΕΝΤΑΛΗ ΠΙΣΤΙ
ΑΠΟΘΗΚΗ
ΣΥΝΕΤΑΙΡΙΣΜΟΥ
Από ημέρας εις ημέραν
Πρός ένισχυσιν τής Εθνικής Μνήμης
Η ΚΤΗΝΩΔΗΣ ΣΦΑΓΗ ΕΛΛΗΝΩΝ ΑΠΟ ΤΟΥΣ ΑΠΟΓΟΝΟΥΣ ΤΟΥ ΚΡΟΥΜΟΥ
Ύρμβα τού Γυμνασιάρχου Δράμας
κ. ΓΕΩΡΓΙΟΥ ΠΑΠΑΝΑΡΥΡΟΠΟΥΛΟΥ
ΤΟ ΣΗΜΕΡΙΝΟΝ ΦΥΛΛΟΝ ΠΕΡΙΕΧΕΙ ΕΙΔΗΣΕΙΣ ΤΗΣ ΠΟΛΕΩΣ ΚΑΙ ΤΟΥ ΝΟΜΟΥ ΔΡΑΜΑΣ ΜΕ ΣΧΟΛΙΑ ΚΑΙ ΑΝΑΚΟΙΝΩΣΕΙΣ ΤΩΝ ΑΡΧΩΝ ΚΑΙ ΤΩΝ ΣΥΛΛΟΓΩΝ ΤΗΣ ΠΕΡΙΟΧΗΣ ΠΡΟΣ ΕΝΗΜΕΡΩΣΙΝ ΤΩΝ ΑΝΑΓΝΩΣΤΩΝ ΚΑΙ ΤΩΝ ΚΑΤΟΙΚΩΝ ΤΩΝ ΧΩΡΙΩΝ ΚΑΙ ΤΗΣ ΠΟΛΕΩΣ ΟΠΩΣ ΚΑΘΕ ΗΜΕΡΑ ΜΕ ΤΗΝ ΕΝΗΜΕΡΩΣΗ ΤΟΥ ΚΟΙΝΟΥ ΓΙΑ ΟΛΑ ΤΑ ΣΗΜΑΝΤΙΚΑ ΓΕΓΟΝΟΤΑ ΤΟ ΣΗΜΕΡΙΝΟΝ ΦΥΛΛΟΝ ΠΕΡΙΕΧΕΙ ΕΙΔΗΣΕΙΣ ΤΗΣ ΠΟΛΕΩΣ ΚΑΙ ΤΟΥ ΝΟΜΟΥ ΔΡΑΜΑΣ ΜΕ ΣΧΟΛΙΑ ΚΑΙ ΑΝΑΚΟΙΝΩΣΕΙΣ ΤΩΝ ΑΡΧΩΝ ΚΑΙ ΤΩΝ ΣΥΛΛΟΓΩΝ ΤΗΣ ΠΕΡΙΟΧΗΣ ΠΡΟΣ ΕΝΗΜΕΡΩΣΙΝ ΤΩΝ ΑΝΑΓΝΩΣΤΩΝ ΚΑΙ ΤΩΝ ΚΑΤΟΙΚΩΝ ΤΩΝ ΧΩΡΙΩΝ ΚΑΙ ΤΗΣ ΠΟΛΕΩΣ ΟΠΩΣ ΚΑΘΕ ΗΜΕΡΑ ΜΕ ΤΗΝ ΕΝΗΜΕΡΩΣΗ ΤΟΥ ΚΟΙΝΟΥ ΓΙΑ ΟΛΑ ΤΑ ΣΗΜΑΝΤΙΚΑ ΓΕΓΟΝΟΤΑ ΤΟ ΣΗΜΕΡΙΝΟΝ ΦΥΛΛΟΝ ΠΕΡΙΕΧΕΙ ΕΙΔΗΣΕΙΣ ΤΗΣ ΠΟΛΕΩΣ ΚΑΙ ΤΟΥ ΝΟΜΟΥ ΔΡΑΜΑΣ ΜΕ ΣΧΟΛΙΑ ΚΑΙ ΑΝΑΚΟΙΝΩΣΕΙΣ ΤΩΝ ΑΡΧΩΝ ΚΑΙ ΤΩΝ ΣΥΛΛΟΓΩΝ ΤΗΣ ΠΕΡΙΟΧΗΣ ΠΡΟΣ ΕΝΗΜΕΡΩΣΙΝ ΤΩΝ ΑΝΑΓΝΩΣΤΩΝ ΚΑΙ ΤΩΝ ΚΑΤΟΙΚΩΝ ΤΩΝ ΧΩΡΙΩΝ ΚΑΙ ΤΗΣ ΠΟΛΕΩΣ ΟΠΩΣ ΚΑΘΕ ΗΜΕΡΑ ΜΕ ΤΗΝ ΕΝΗΜΕΡΩΣΗ ΤΟΥ ΚΟΙΝΟΥ ΓΙΑ ΟΛΑ ΤΑ ΣΗΜΑΝΤΙΚΑ ΓΕΓΟΝΟΤΑ ΤΟ ΣΗΜΕΡΙΝΟΝ ΦΥΛΛΟΝ ΠΕΡΙΕΧΕΙ ΕΙΔΗΣΕΙΣ ΤΗΣ ΠΟΛΕΩΣ ΚΑΙ ΤΟΥ ΝΟΜΟΥ ΔΡΑΜΑΣ ΜΕ ΣΧΟΛΙΑ ΚΑΙ ΑΝΑΚΟΙΝΩΣΕΙΣ ΤΩΝ ΑΡΧΩΝ ΚΑΙ ΤΩΝ ΣΥΛΛΟΓΩΝ ΤΗΣ ΠΕΡΙΟΧΗΣ ΠΡΟΣ ΕΝΗΜΕΡΩΣΙΝ ΤΩΝ ΑΝΑΓΝΩΣΤΩΝ ΚΑΙ ΤΩΝ ΚΑΤΟΙΚΩΝ ΤΩΝ ΧΩΡΙΩΝ ΚΑΙ ΤΗΣ ΠΟΛΕΩΣ ΟΠΩΣ ΚΑΘΕ ΗΜΕΡΑ ΜΕ ΤΗΝ ΕΝΗΜΕΡΩΣΗ ΤΟΥ ΚΟΙΝΟΥ ΓΙΑ ΟΛΑ ΤΑ ΣΗΜΑΝΤΙΚΑ ΓΕΓΟΝΟΤΑ ΤΟ ΣΗΜΕΡΙΝΟΝ ΦΥΛΛΟΝ ΠΕΡΙΕΧΕΙ ΕΙΔΗΣΕΙΣ ΤΗΣ ΠΟΛΕΩΣ ΚΑΙ ΤΟΥ ΝΟΜΟΥ ΔΡΑΜΑΣ ΜΕ ΣΧΟΛΙΑ ΚΑΙ ΑΝΑΚΟΙΝΩΣΕΙΣ ΤΩΝ ΑΡΧΩΝ ΚΑΙ ΤΩΝ ΣΥΛΛΟΓΩΝ ΤΗΣ ΠΕΡΙΟΧΗΣ ΠΡΟΣ ΕΝΗΜΕΡΩΣΙΝ ΤΩΝ ΑΝΑΓΝΩΣΤΩΝ ΚΑΙ ΤΩΝ ΚΑΤΟΙΚΩΝ ΤΩΝ ΧΩΡΙΩΝ ΚΑΙ ΤΗΣ ΠΟΛΕΩΣ ΟΠΩΣ ΚΑΘΕ ΗΜΕΡΑ ΜΕ ΤΗΝ ΕΝΗΜΕΡΩΣΗ ΤΟΥ ΚΟΙΝΟΥ ΓΙΑ ΟΛΑ ΤΑ ΣΗΜΑΝΤΙΚΑ ΓΕΓΟΝΟΤΑ
ΤΟ ΣΗΜΕΡΙΝΟΝ ΦΥΛΛΟΝ ΠΕΡΙΕΧΕΙ ΕΙΔΗΣΕΙΣ ΤΗΣ ΠΟΛΕΩΣ ΚΑΙ ΤΟΥ ΝΟΜΟΥ ΔΡΑΜΑΣ ΜΕ ΣΧΟΛΙΑ ΚΑΙ ΑΝΑΚΟΙΝΩΣΕΙΣ ΤΩΝ ΑΡΧΩΝ ΚΑΙ ΤΩΝ ΣΥΛΛΟΓΩΝ ΤΗΣ ΠΕΡΙΟΧΗΣ ΠΡΟΣ ΕΝΗΜΕΡΩΣΙΝ ΤΩΝ ΑΝΑΓΝΩΣΤΩΝ ΚΑΙ ΤΩΝ ΚΑΤΟΙΚΩΝ ΤΩΝ ΧΩΡΙΩΝ ΚΑΙ ΤΗΣ ΠΟΛΕΩΣ ΟΠΩΣ ΚΑΘΕ ΗΜΕΡΑ ΜΕ ΤΗΝ ΕΝΗΜΕΡΩΣΗ ΤΟΥ ΚΟΙΝΟΥ ΓΙΑ ΟΛΑ ΤΑ ΣΗΜΑΝΤΙΚΑ ΓΕΓΟΝΟΤΑ ΤΟ ΣΗΜΕΡΙΝΟΝ ΦΥΛΛΟΝ ΠΕΡΙΕΧΕΙ ΕΙΔΗΣΕΙΣ ΤΗΣ ΠΟΛΕΩΣ ΚΑΙ ΤΟΥ ΝΟΜΟΥ ΔΡΑΜΑΣ ΜΕ ΣΧΟΛΙΑ ΚΑΙ ΑΝΑΚΟΙΝΩΣΕΙΣ ΤΩΝ ΑΡΧΩΝ ΚΑΙ ΤΩΝ ΣΥΛΛΟΓΩΝ ΤΗΣ ΠΕΡΙΟΧΗΣ ΠΡΟΣ ΕΝΗΜΕΡΩΣΙΝ ΤΩΝ ΑΝΑΓΝΩΣΤΩΝ ΚΑΙ ΤΩΝ ΚΑΤΟΙΚΩΝ ΤΩΝ ΧΩΡΙΩΝ ΚΑΙ ΤΗΣ ΠΟΛΕΩΣ ΟΠΩΣ ΚΑΘΕ ΗΜΕΡΑ ΜΕ ΤΗΝ ΕΝΗΜΕΡΩΣΗ ΤΟΥ ΚΟΙΝΟΥ ΓΙΑ ΟΛΑ ΤΑ ΣΗΜΑΝΤΙΚΑ ΓΕΓΟΝΟΤΑ ΤΟ ΣΗΜΕΡΙΝΟΝ ΦΥΛΛΟΝ ΠΕΡΙΕΧΕΙ ΕΙΔΗΣΕΙΣ ΤΗΣ ΠΟΛΕΩΣ ΚΑΙ ΤΟΥ ΝΟΜΟΥ ΔΡΑΜΑΣ ΜΕ ΣΧΟΛΙΑ ΚΑΙ ΑΝΑΚΟΙΝΩΣΕΙΣ ΤΩΝ ΑΡΧΩΝ ΚΑΙ ΤΩΝ ΣΥΛΛΟΓΩΝ ΤΗΣ ΠΕΡΙΟΧΗΣ ΠΡΟΣ ΕΝΗΜΕΡΩΣΙΝ ΤΩΝ ΑΝΑΓΝΩΣΤΩΝ ΚΑΙ ΤΩΝ ΚΑΤΟΙΚΩΝ ΤΩΝ ΧΩΡΙΩΝ ΚΑΙ ΤΗΣ ΠΟΛΕΩΣ ΟΠΩΣ ΚΑΘΕ ΗΜΕΡΑ ΜΕ ΤΗΝ ΕΝΗΜΕΡΩΣΗ ΤΟΥ ΚΟΙΝΟΥ ΓΙΑ ΟΛΑ ΤΑ ΣΗΜΑΝΤΙΚΑ ΓΕΓΟΝΟΤΑ ΤΟ ΣΗΜΕΡΙΝΟΝ ΦΥΛΛΟΝ ΠΕΡΙΕΧΕΙ ΕΙΔΗΣΕΙΣ ΤΗΣ ΠΟΛΕΩΣ ΚΑΙ ΤΟΥ ΝΟΜΟΥ ΔΡΑΜΑΣ ΜΕ ΣΧΟΛΙΑ ΚΑΙ ΑΝΑΚΟΙΝΩΣΕΙΣ ΤΩΝ ΑΡΧΩΝ ΚΑΙ ΤΩΝ ΣΥΛΛΟΓΩΝ ΤΗΣ ΠΕΡΙΟΧΗΣ ΠΡΟΣ ΕΝΗΜΕΡΩΣΙΝ ΤΩΝ ΑΝΑΓΝΩΣΤΩΝ ΚΑΙ ΤΩΝ ΚΑΤΟΙΚΩΝ ΤΩΝ ΧΩΡΙΩΝ ΚΑΙ ΤΗΣ ΠΟΛΕΩΣ ΟΠΩΣ ΚΑΘΕ ΗΜΕΡΑ ΜΕ ΤΗΝ ΕΝΗΜΕΡΩΣΗ ΤΟΥ ΚΟΙΝΟΥ ΓΙΑ ΟΛΑ ΤΑ ΣΗΜΑΝΤΙΚΑ ΓΕΓΟΝΟΤΑ ΤΟ ΣΗΜΕΡΙΝΟΝ ΦΥΛΛΟΝ ΠΕΡΙΕΧΕΙ ΕΙΔΗΣΕΙΣ ΤΗΣ ΠΟΛΕΩΣ ΚΑΙ ΤΟΥ ΝΟΜΟΥ ΔΡΑΜΑΣ ΜΕ ΣΧΟΛΙΑ ΚΑΙ ΑΝΑΚΟΙΝΩΣΕΙΣ ΤΩΝ ΑΡΧΩΝ ΚΑΙ ΤΩΝ ΣΥΛΛΟΓΩΝ ΤΗΣ ΠΕΡΙΟΧΗΣ ΠΡΟΣ ΕΝΗΜΕΡΩΣΙΝ ΤΩΝ ΑΝΑΓΝΩΣΤΩΝ ΚΑΙ ΤΩΝ ΚΑΤΟΙΚΩΝ ΤΩΝ ΧΩΡΙΩΝ ΚΑΙ ΤΗΣ ΠΟΛΕΩΣ ΟΠΩΣ ΚΑΘΕ ΗΜΕΡΑ ΜΕ ΤΗΝ ΕΝΗΜΕΡΩΣΗ ΤΟΥ ΚΟΙΝΟΥ ΓΙΑ ΟΛΑ ΤΑ ΣΗΜΑΝΤΙΚΑ ΓΕΓΟΝΟΤΑ
ΚΛΗΣΙΣ ΤΕΧΝΙΚΩΝ ΝΟΜΟΥ ΔΡΑΜΑΣ ΠΡΟΣ ΣΥΝΑΥΤΗ ΩΣΤΕΛΗΡΩΣΗ ΕΡΓΟΝ
ΤΟ ΣΗΜΕΡΙΝΟΝ ΦΥΛΛΟΝ ΠΕΡΙΕΧΕΙ ΕΙΔΗΣΕΙΣ ΤΗΣ ΠΟΛΕΩΣ ΚΑΙ ΤΟΥ ΝΟΜΟΥ ΔΡΑΜΑΣ ΜΕ ΣΧΟΛΙΑ ΚΑΙ ΑΝΑΚΟΙΝΩΣΕΙΣ ΤΩΝ ΑΡΧΩΝ ΚΑΙ ΤΩΝ ΣΥΛΛΟΓΩΝ ΤΗΣ ΠΕΡΙΟΧΗΣ ΠΡΟΣ ΕΝΗΜΕΡΩΣΙΝ ΤΩΝ ΑΝΑΓΝΩΣΤΩΝ ΚΑΙ ΤΩΝ ΚΑΤΟΙΚΩΝ ΤΩΝ ΧΩΡΙΩΝ ΚΑΙ ΤΗΣ ΠΟΛΕΩΣ ΟΠΩΣ ΚΑΘΕ ΗΜΕΡΑ ΜΕ ΤΗΝ ΕΝΗΜΕΡΩΣΗ ΤΟΥ ΚΟΙΝΟΥ ΓΙΑ ΟΛΑ ΤΑ ΣΗΜΑΝΤΙΚΑ ΓΕΓΟΝΟΤΑ ΤΟ ΣΗΜΕΡΙΝΟΝ ΦΥΛΛΟΝ ΠΕΡΙΕΧΕΙ ΕΙΔΗΣΕΙΣ ΤΗΣ ΠΟΛΕΩΣ ΚΑΙ ΤΟΥ ΝΟΜΟΥ ΔΡΑΜΑΣ ΜΕ ΣΧΟΛΙΑ ΚΑΙ ΑΝΑΚΟΙΝΩΣΕΙΣ ΤΩΝ ΑΡΧΩΝ ΚΑΙ ΤΩΝ ΣΥΛΛΟΓΩΝ ΤΗΣ ΠΕΡΙΟΧΗΣ ΠΡΟΣ ΕΝΗΜΕΡΩΣΙΝ ΤΩΝ ΑΝΑΓΝΩΣΤΩΝ ΚΑΙ ΤΩΝ ΚΑΤΟΙΚΩΝ ΤΩΝ ΧΩΡΙΩΝ ΚΑΙ ΤΗΣ ΠΟΛΕΩΣ ΟΠΩΣ ΚΑΘΕ ΗΜΕΡΑ ΜΕ ΤΗΝ ΕΝΗΜΕΡΩΣΗ ΤΟΥ ΚΟΙΝΟΥ ΓΙΑ ΟΛΑ ΤΑ ΣΗΜΑΝΤΙΚΑ ΓΕΓΟΝΟΤΑ ΤΟ ΣΗΜΕΡΙΝΟΝ ΦΥΛΛΟΝ ΠΕΡΙΕΧΕΙ ΕΙΔΗΣΕΙΣ ΤΗΣ ΠΟΛΕΩΣ ΚΑΙ ΤΟΥ ΝΟΜΟΥ ΔΡΑΜΑΣ ΜΕ ΣΧΟΛΙΑ ΚΑΙ ΑΝΑΚΟΙΝΩΣΕΙΣ ΤΩΝ ΑΡΧΩΝ ΚΑΙ ΤΩΝ ΣΥΛΛΟΓΩΝ ΤΗΣ ΠΕΡΙΟΧΗΣ ΠΡΟΣ ΕΝΗΜΕΡΩΣΙΝ ΤΩΝ ΑΝΑΓΝΩΣΤΩΝ ΚΑΙ ΤΩ
ΠΡΑΚΤΙΚΑ ΚΑ. ΚΑΛΛΙΟΡΓΙΑΚΗ
ΠΑΙΧΝΙΔΙΑ
ΒΙΒΛΙΟΠΩΛΕΙΟΝ
ΤΟ ΣΗΜΕΡΙΝΟΝ ΦΥΛΛΟΝ ΠΕΡΙΕΧΕΙ ΕΙΔΗΣΕΙΣ ΤΗΣ ΠΟΛΕΩΣ ΚΑΙ ΤΟΥ ΝΟΜΟΥ ΔΡΑΜΑΣ ΜΕ ΣΧΟΛΙΑ ΚΑΙ ΑΝΑΚΟΙΝΩΣΕΙΣ ΤΩΝ ΑΡΧΩΝ ΚΑΙ ΤΩΝ ΣΥΛΛΟΓΩΝ ΤΗΣ ΠΕΡΙΟΧΗΣ ΠΡΟΣ ΕΝΗΜΕΡΩΣΙΝ ΤΩΝ ΑΝΑΓΝΩΣΤΩΝ ΚΑΙ ΤΩΝ ΚΑΤΟΙΚΩΝ ΤΩΝ ΧΩΡΙΩΝ ΚΑΙ ΤΗΣ ΠΟΛΕΩΣ ΟΠΩΣ ΚΑΘΕ ΗΜΕΡΑ ΜΕ ΤΗΝ ΕΝΗΜΕΡΩΣΗ ΤΟΥ ΚΟΙΝΟΥ ΓΙΑ ΟΛΑ ΤΑ ΣΗΜΑΝΤΙΚΑ ΓΕΓΟΝΟΤΑ ΤΟ ΣΗΜΕΡΙΝΟΝ ΦΥΛΛΟΝ ΠΕΡΙΕΧΕΙ ΕΙΔΗΣΕΙΣ ΤΗΣ ΠΟΛΕΩΣ ΚΑΙ ΤΟΥ ΝΟΜΟΥ ΔΡΑΜΑΣ ΜΕ ΣΧΟΛΙΑ ΚΑΙ ΑΝΑΚΟΙΝΩΣΕΙΣ ΤΩΝ ΑΡΧΩΝ ΚΑΙ ΤΩΝ ΣΥΛΛΟΓΩΝ ΤΗΣ ΠΕΡΙΟΧΗΣ ΠΡΟΣ ΕΝΗΜΕΡΩΣΙΝ ΤΩΝ ΑΝΑΓΝΩΣΤΩΝ ΚΑΙ ΤΩΝ ΚΑΤΟΙΚΩΝ ΤΩΝ ΧΩΡΙΩΝ ΚΑΙ ΤΗΣ ΠΟΛΕΩΣ ΟΠΩΣ ΚΑΘΕ ΗΜΕΡΑ ΜΕ ΤΗΝ ΕΝΗΜΕΡΩΣΗ ΤΟΥ ΚΟΙΝΟΥ ΓΙΑ ΟΛΑ ΤΑ ΣΗΜΑΝΤΙΚΑ ΓΕΓΟΝΟΤΑ ΤΟ ΣΗΜΕΡΙΝΟΝ ΦΥΛΛΟΝ ΠΕΡΙΕΧΕΙ ΕΙΔΗΣΕΙΣ ΤΗΣ ΠΟΛΕΩΣ ΚΑΙ ΤΟΥ ΝΟΜΟΥ ΔΡΑΜΑΣ ΜΕ ΣΧΟΛΙΑ ΚΑΙ ΑΝΑΚΟΙΝΩ
ΑΝΤΙΠΡΟΣΩΠΟΣ
ΕΠΙΣΚΕΨΑΙ ΚΑ. ΚΑΛΛΙΟΡΓΙΑΚΗ
ΕΝΔΥΜΑΤΑ
ΥΦΑΣΜΑΤΑ
Η 28ΗΝ ΟΚΤΩΒΡΙΟΥ 1966 ΟΠΟΥ Ο ΠΡΟΕΔΡΟΣ ΤΗΣ ΕΛΛΗΝΙΚΗΣ ΚΥΒΕΡΝΗΣΕΩΣ ΠΡΟΣ ΑΓΡΟΥΣ ΣΥΝΕΔΡΙΑΣΙΑΣΑΝ ΔΙΑΚΟΠ ΔΡ. 30.000 ΣΤΟ ΠΡΟΓΡΑΜΜΑ ΕΡΓΑΣΤΗΡΙΟΥ ΚΑΤΕΚΙΑΣ
ΤΟ ΣΗΜΕΡΙΝΟΝ ΦΥΛΛΟΝ ΠΕΡΙΕΧΕΙ ΕΙΔΗΣΕΙΣ ΤΗΣ ΠΟΛΕΩΣ ΚΑΙ ΤΟΥ ΝΟΜΟΥ ΔΡΑΜΑΣ ΜΕ ΣΧΟΛΙΑ ΚΑΙ ΑΝΑΚΟΙΝΩΣΕΙΣ ΤΩΝ ΑΡΧΩΝ ΚΑΙ ΤΩΝ ΣΥΛΛΟΓΩΝ ΤΗΣ ΠΕΡΙΟΧΗΣ ΠΡΟΣ ΕΝΗΜΕΡΩΣΙΝ ΤΩΝ ΑΝΑΓΝΩΣΤΩΝ ΚΑΙ ΤΩΝ ΚΑΤΟΙΚΩΝ ΤΩΝ ΧΩΡΙΩΝ ΚΑΙ ΤΗΣ ΠΟΛΕΩΣ ΟΠΩΣ ΚΑΘΕ ΗΜΕΡΑ ΜΕ ΤΗΝ ΕΝΗΜΕΡΩΣΗ ΤΟΥ ΚΟΙΝΟΥ ΓΙΑ ΟΛΑ ΤΑ ΣΗΜΑΝΤΙΚΑ ΓΕΓΟΝΟΤΑ ΤΟ ΣΗΜΕΡΙΝΟΝ ΦΥΛΛΟΝ ΠΕΡΙΕΧΕΙ ΕΙΔΗΣΕΙΣ ΤΗΣ ΠΟΛΕΩΣ ΚΑΙ ΤΟΥ ΝΟΜΟΥ ΔΡΑΜΑΣ ΜΕ ΣΧΟΛΙΑ ΚΑΙ ΑΝΑΚΟΙΝΩΣΕΙΣ ΤΩΝ ΑΡΧΩΝ ΚΑΙ ΤΩΝ ΣΥΛΛΟΓΩΝ ΤΗΣ ΠΕΡΙΟΧΗΣ ΠΡΟΣ ΕΝΗΜΕΡΩΣΙΝ ΤΩΝ ΑΝΑΓΝΩΣΤΩΝ ΚΑΙ ΤΩΝ ΚΑΤΟΙΚΩΝ ΤΩΝ ΧΩΡΙΩΝ ΚΑΙ ΤΗΣ ΠΟΛΕΩΣ ΟΠΩΣ ΚΑΘΕ ΗΜΕΡΑ ΜΕ ΤΗΝ ΕΝΗΜΕΡΩΣΗ ΤΟΥ ΚΟΙΝ
ΕΝΙΣΧΥΣΙΣ ΒΙΟΜΗΧΑΝΙΑΣ ΤΗΣ ΕΛΛΑΔΟΣ ΠΑΡΑ ΤΟΥ ΤΕΧΝΙΚΟΥ ΓΕΩΡΓΙΚΟΥ ΕΠΙΜΕΛΗΤΗΡΙΟΥ ΚΑΙ ΑΓΡΟΤΙΚΗΣ ΔΡΑΜΑΣ ΕΚΤΑ ΤΟ ΕΤΟΣ 86 — 88
ΤΟ ΣΗΜΕΡΙΝΟΝ ΦΥΛΛΟΝ ΠΕΡΙΕΧΕΙ ΕΙΔΗΣΕΙΣ ΤΗΣ ΠΟΛΕΩΣ ΚΑΙ ΤΟΥ ΝΟΜΟΥ ΔΡΑΜΑΣ ΜΕ ΣΧΟΛΙΑ ΚΑΙ ΑΝΑΚΟΙΝΩΣΕΙΣ ΤΩΝ ΑΡΧΩΝ ΚΑΙ ΤΩΝ ΣΥΛΛΟΓΩΝ ΤΗΣ ΠΕΡΙΟΧΗΣ ΠΡΟΣ ΕΝΗΜΕΡΩΣΙΝ ΤΩΝ ΑΝΑΓΝΩΣΤΩΝ ΚΑΙ ΤΩΝ ΚΑΤΟΙΚΩΝ ΤΩΝ ΧΩΡΙΩΝ ΚΑΙ ΤΗΣ ΠΟΛΕΩΣ ΟΠΩΣ ΚΑΘΕ ΗΜΕΡΑ ΜΕ ΤΗΝ ΕΝΗΜΕΡΩΣΗ ΤΟΥ ΚΟΙΝΟΥ ΓΙΑ ΟΛΑ ΤΑ ΣΗΜΑΝΤΙΚΑ ΓΕΓΟΝΟΤΑ ΤΟ ΣΗΜΕΡΙΝΟΝ ΦΥΛΛΟΝ ΠΕΡΙΕΧΕΙ ΕΙΔΗΣΕΙΣ ΤΗΣ ΠΟΛΕΩΣ ΚΑΙ ΤΟΥ ΝΟΜΟΥ ΔΡΑΜΑΣ ΜΕ ΣΧΟΛΙΑ ΚΑΙ ΑΝΑΚΟΙΝΩΣΕΙΣ ΤΩΝ ΑΡΧΩΝ ΚΑΙ ΤΩΝ ΣΥΛΛΟΓΩΝ ΤΗΣ ΠΕΡΙΟΧΗΣ ΠΡΟΣ ΕΝΗΜΕΡΩΣΙΝ ΤΩΝ ΑΝΑΓΝΩΣΤΩΝ ΚΑΙ ΤΩΝ ΚΑΤΟΙΚΩΝ ΤΩΝ ΧΩΡΙΩΝ ΚΑΙ ΤΗΣ ΠΟΛΕΩΣ Ο
✝
ΚΗΔΕΙΑ
ΜΕΛΙΝΗΣ Γ. ΤΣΕΡΑΗ
ΤΟ ΣΗΜΕΡΙΝΟΝ ΦΥΛΛΟΝ ΠΕΡΙΕΧΕΙ ΕΙΔΗΣΕΙΣ ΤΗΣ ΠΟΛΕΩΣ ΚΑΙ ΤΟΥ ΝΟΜΟΥ ΔΡΑΜΑΣ ΜΕ ΣΧΟΛΙΑ ΚΑΙ ΑΝΑΚΟΙΝΩΣΕΙΣ ΤΩΝ ΑΡΧΩΝ ΚΑΙ ΤΩΝ ΣΥΛΛΟΓΩΝ ΤΗΣ ΠΕΡΙΟΧΗΣ ΠΡΟΣ ΕΝΗΜΕΡΩΣΙΝ ΤΩΝ ΑΝΑΓΝΩΣΤΩΝ ΚΑΙ ΤΩΝ ΚΑΤΟΙΚΩΝ ΤΩΝ ΧΩΡΙΩΝ ΚΑΙ ΤΗΣ ΠΟΛΕΩΣ ΟΠΩΣ ΚΑΘΕ ΗΜΕΡΑ ΜΕ ΤΗΝ ΕΝΗΜΕΡΩΣΗ ΤΟΥ ΚΟΙΝΟΥ ΓΙΑ ΟΛΑ ΤΑ ΣΗΜΑΝΤΙΚΑ ΓΕΓΟΝΟΤΑ ΤΟ ΣΗΜΕΡΙΝΟΝ ΦΥΛΛΟΝ ΠΕΡΙΕΧΕΙ ΕΙΔΗΣΕΙΣ ΤΗΣ ΠΟΛΕΩ
ΑΝΤΙΠΡΟΣΩΠΕΙΑ ΒΙΟΜΗΧΑΝΙΑΣ
ΓΕΩΡΓΙΟΥ Δ. ΠΑΡΑΣΚΑΤΟΥ
ΔΡΑΜΑ
Πινετε μόνον ΣΟΥΡΩΤΗ
